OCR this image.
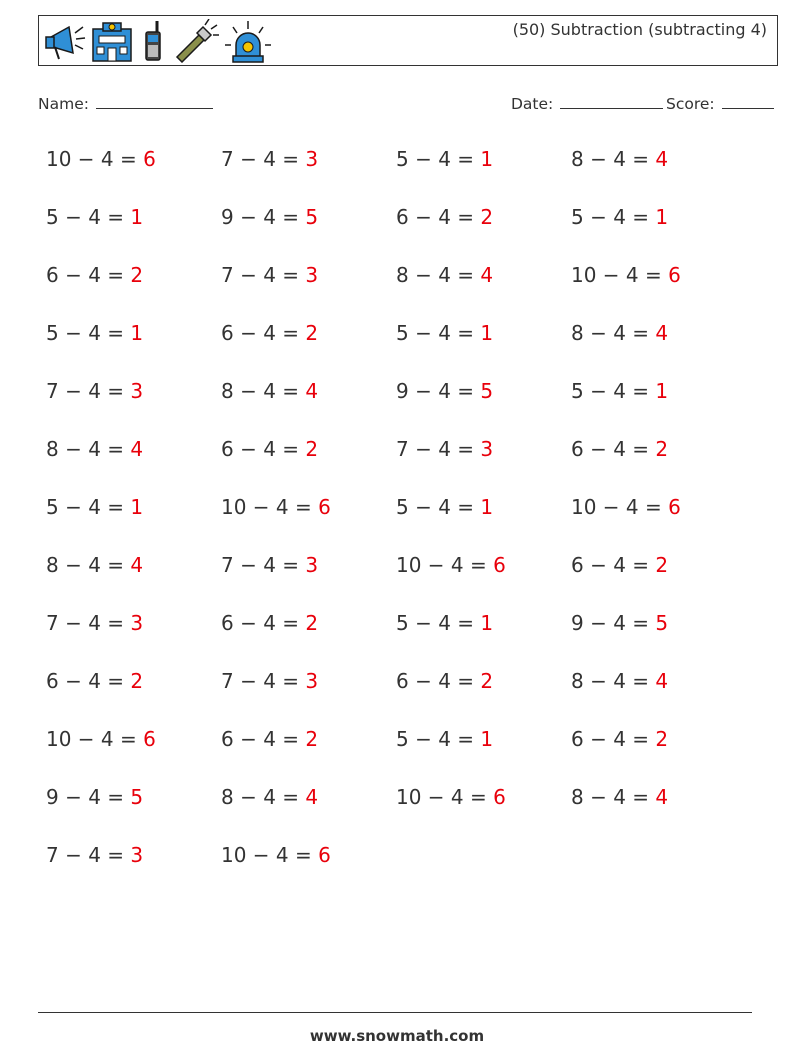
(50) Subtraction (subtracting 4)
Name:	Date:	Score:
10 − 4 = 6	7 − 4 = 3	5 − 4 = 1	8 − 4 = 4
5 − 4 = 1	9 − 4 = 5	6 − 4 = 2	5 − 4 = 1
6 − 4 = 2	7 − 4 = 3	8 − 4 = 4	10 − 4 = 6
5 − 4 = 1	6 − 4 = 2	5 − 4 = 1	8 − 4 = 4
7 − 4 = 3	8 − 4 = 4	9 − 4 = 5	5 − 4 = 1
8 − 4 = 4	6 − 4 = 2	7 − 4 = 3	6 − 4 = 2
5 − 4 = 1	10 − 4 = 6	5 − 4 = 1	10 − 4 = 6
8 − 4 = 4	7 − 4 = 3	10 − 4 = 6	6 − 4 = 2
7 − 4 = 3	6 − 4 = 2	5 − 4 = 1	9 − 4 = 5
6 − 4 = 2	7 − 4 = 3	6 − 4 = 2	8 − 4 = 4
10 − 4 = 6	6 − 4 = 2	5 − 4 = 1	6 − 4 = 2
9 − 4 = 5	8 − 4 = 4	10 − 4 = 6	8 − 4 = 4
7 − 4 = 3	10 − 4 = 6
www.snowmath.com
